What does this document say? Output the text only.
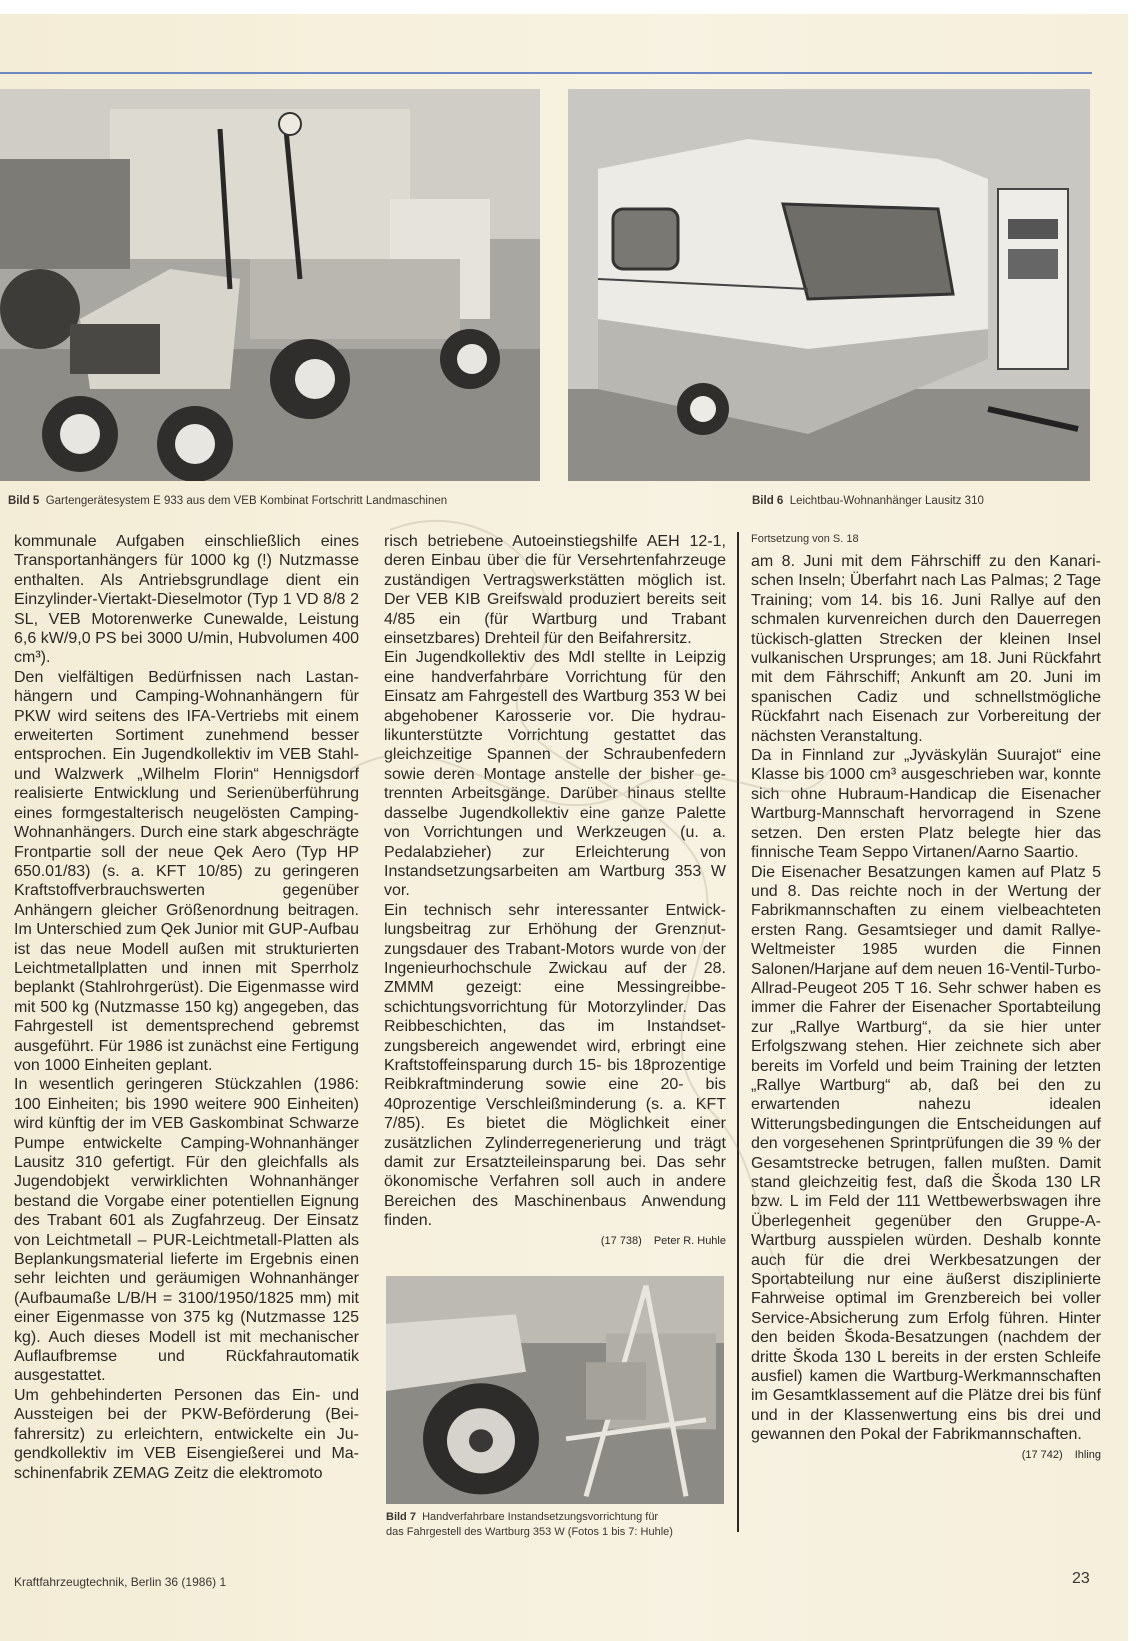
Bild 5 Gartengerätesystem E 933 aus dem VEB Kombinat Fortschritt Landmaschinen	Bild 6 Leichtbau-Wohnanhänger Lausitz 310

kommunale Aufgaben einschließlich eines Transportanhängers für 1000 kg (!) Nutzmasse enthalten. Als Antriebsgrundlage dient ein Einzylinder-Viertakt-Dieselmotor (Typ 1 VD 8/8 2 SL, VEB Motorenwerke Cunewalde, Leistung 6,6 kW/9,0 PS bei 3000 U/min, Hubvolumen 400 cm³).

Den vielfältigen Bedürfnissen nach Lastanhängern und Camping-Wohnanhängern für PKW wird seitens des IFA-Vertriebs mit einem erweiterten Sortiment zunehmend besser entsprochen. Ein Jugendkollektiv im VEB Stahl- und Walzwerk „Wilhelm Florin“ Hennigsdorf realisierte Entwicklung und Serienüberführung eines formgestalterisch neugelösten Camping-Wohnanhängers. Durch eine stark abgeschrägte Frontpartie soll der neue Qek Aero (Typ HP 650.01/83) (s. a. KFT 10/85) zu geringeren Kraftstoffverbrauchswerten gegenüber Anhängern gleicher Größenordnung beitragen. Im Unterschied zum Qek Junior mit GUP-Aufbau ist das neue Modell außen mit strukturierten Leichtmetallplatten und innen mit Sperrholz beplankt (Stahlrohrgerüst). Die Eigenmasse wird mit 500 kg (Nutzmasse 150 kg) angegeben, das Fahrgestell ist dementsprechend gebremst ausgeführt. Für 1986 ist zunächst eine Fertigung von 1000 Einheiten geplant.

In wesentlich geringeren Stückzahlen (1986: 100 Einheiten; bis 1990 weitere 900 Einheiten) wird künftig der im VEB Gaskombinat Schwarze Pumpe entwickelte Camping-Wohnanhänger Lausitz 310 gefertigt. Für den gleichfalls als Jugendobjekt verwirklichten Wohnanhänger bestand die Vorgabe einer potentiellen Eignung des Trabant 601 als Zugfahrzeug. Der Einsatz von Leichtmetall – PUR-Leichtmetall-Platten als Beplankungsmaterial lieferte im Ergebnis einen sehr leichten und geräumigen Wohnanhänger (Aufbaumaße L/B/H = 3100/1950/1825 mm) mit einer Eigenmasse von 375 kg (Nutzmasse 125 kg). Auch dieses Modell ist mit mechanischer Auflaufbremse und Rückfahrautomatik ausgestattet.

Um gehbehinderten Personen das Ein- und Aussteigen bei der PKW-Beförderung (Beifahrersitz) zu erleichtern, entwickelte ein Jugendkollektiv im VEB Eisengießerei und Maschinenfabrik ZEMAG Zeitz die elektromoto

risch betriebene Autoeinstiegshilfe AEH 12-1, deren Einbau über die für Versehrtenfahrzeuge zuständigen Vertragswerkstätten möglich ist. Der VEB KIB Greifswald produziert bereits seit 4/85 ein (für Wartburg und Trabant einsetzbares) Drehteil für den Beifahrersitz.

Ein Jugendkollektiv des MdI stellte in Leipzig eine handverfahrbare Vorrichtung für den Einsatz am Fahrgestell des Wartburg 353 W bei abgehobener Karosserie vor. Die hydraulikunterstützte Vorrichtung gestattet das gleichzeitige Spannen der Schraubenfedern sowie deren Montage anstelle der bisher getrennten Arbeitsgänge. Darüber hinaus stellte dasselbe Jugendkollektiv eine ganze Palette von Vorrichtungen und Werkzeugen (u. a. Pedalabzieher) zur Erleichterung von Instandsetzungsarbeiten am Wartburg 353 W vor.

Ein technisch sehr interessanter Entwicklungsbeitrag zur Erhöhung der Grenznutzungsdauer des Trabant-Motors wurde von der Ingenieurhochschule Zwickau auf der 28. ZMMM gezeigt: eine Messingreibbeschichtungsvorrichtung für Motorzylinder. Das Reibbeschichten, das im Instandsetzungsbereich angewendet wird, erbringt eine Kraftstoffeinsparung durch 15- bis 18prozentige Reibkraftminderung sowie eine 20- bis 40prozentige Verschleißminderung (s. a. KFT 7/85). Es bietet die Möglichkeit einer zusätzlichen Zylinderregenerierung und trägt damit zur Ersatzteileinsparung bei. Das sehr ökonomische Verfahren soll auch in andere Bereichen des Maschinenbaus Anwendung finden.

(17 738) Peter R. Huhle
Bild 7 Handverfahrbare Instandsetzungsvorrichtung für
das Fahrgestell des Wartburg 353 W (Fotos 1 bis 7: Huhle)
Fortsetzung von S. 18

am 8. Juni mit dem Fährschiff zu den Kanarischen Inseln; Überfahrt nach Las Palmas; 2 Tage Training; vom 14. bis 16. Juni Rallye auf den schmalen kurvenreichen durch den Dauerregen tückisch-glatten Strecken der kleinen Insel vulkanischen Ursprunges; am 18. Juni Rückfahrt mit dem Fährschiff; Ankunft am 20. Juni im spanischen Cadiz und schnellstmögliche Rückfahrt nach Eisenach zur Vorbereitung der nächsten Veranstaltung.

Da in Finnland zur „Jyväskylän Suurajot“ eine Klasse bis 1000 cm³ ausgeschrieben war, konnte sich ohne Hubraum-Handicap die Eisenacher Wartburg-Mannschaft hervorragend in Szene setzen. Den ersten Platz belegte hier das finnische Team Seppo Virtanen/Aarno Saartio.

Die Eisenacher Besatzungen kamen auf Platz 5 und 8. Das reichte noch in der Wertung der Fabrikmannschaften zu einem vielbeachteten ersten Rang. Gesamtsieger und damit Rallye-Weltmeister 1985 wurden die Finnen Salonen/Harjane auf dem neuen 16-Ventil-Turbo-Allrad-Peugeot 205 T 16. Sehr schwer haben es immer die Fahrer der Eisenacher Sportabteilung zur „Rallye Wartburg“, da sie hier unter Erfolgszwang stehen. Hier zeichnete sich aber bereits im Vorfeld und beim Training der letzten „Rallye Wartburg“ ab, daß bei den zu erwartenden nahezu idealen Witterungsbedingungen die Entscheidungen auf den vorgesehenen Sprintprüfungen die 39 % der Gesamtstrecke betrugen, fallen mußten. Damit stand gleichzeitig fest, daß die Škoda 130 LR bzw. L im Feld der 111 Wettbewerbswagen ihre Überlegenheit gegenüber den Gruppe-A-Wartburg ausspielen würden. Deshalb konnte auch für die drei Werkbesatzungen der Sportabteilung nur eine äußerst disziplinierte Fahrweise optimal im Grenzbereich bei voller Service-Absicherung zum Erfolg führen. Hinter den beiden Škoda-Besatzungen (nachdem der dritte Škoda 130 L bereits in der ersten Schleife ausfiel) kamen die Wartburg-Werkmannschaften im Gesamtklassement auf die Plätze drei bis fünf und in der Klassenwertung eins bis drei und gewannen den Pokal der Fabrikmannschaften.

(17 742) Ihling
Kraftfahrzeugtechnik, Berlin 36 (1986) 1	23
